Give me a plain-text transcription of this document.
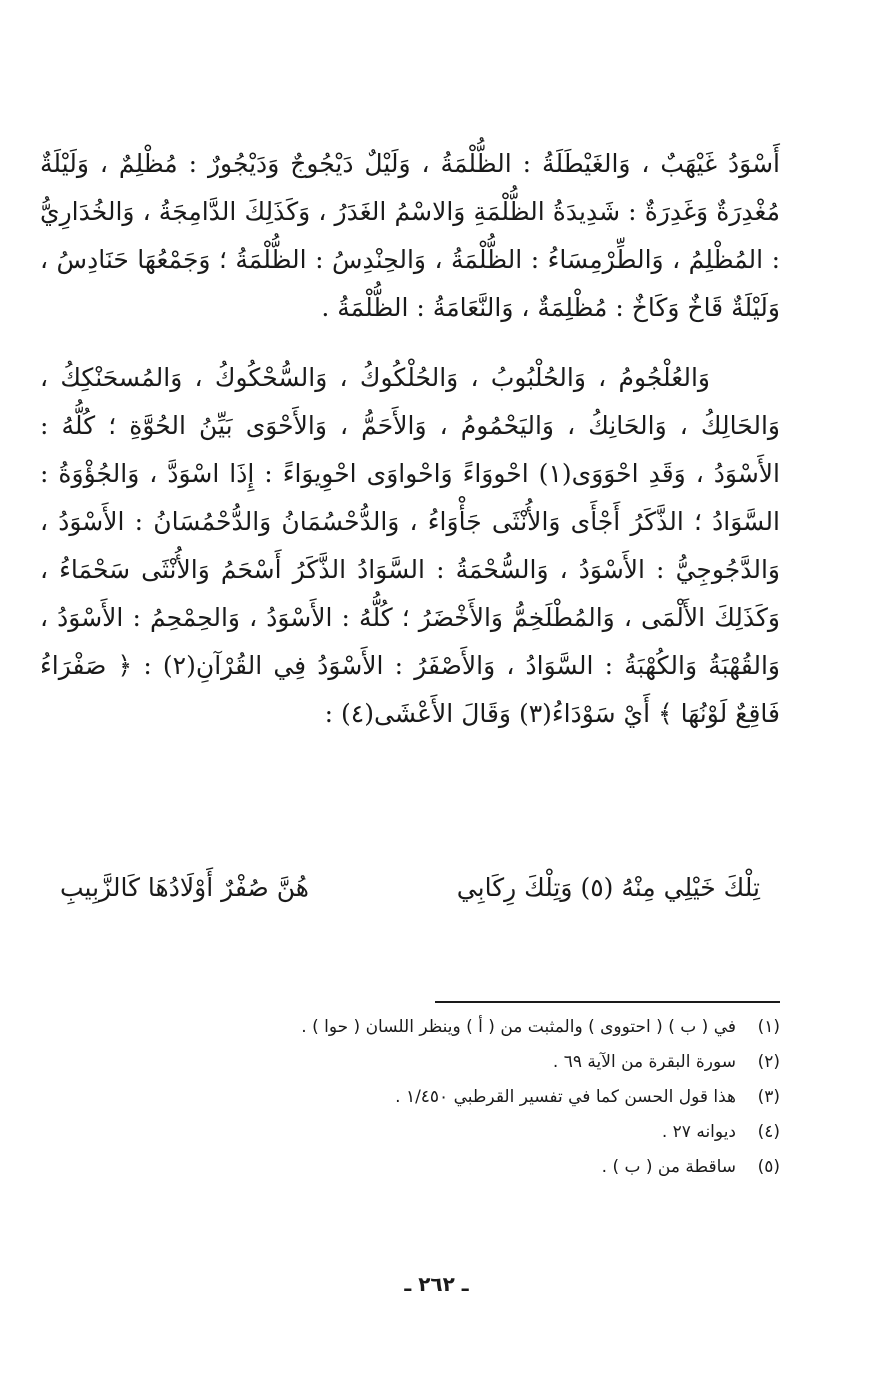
أَسْوَدُ غَيْهَبٌ ، وَالغَيْطَلَةُ : الظُّلْمَةُ ، وَلَيْلٌ دَيْجُوجٌ وَدَيْجُورٌ : مُظْلِمٌ ، وَلَيْلَةٌ مُغْدِرَةٌ وَغَدِرَةٌ : شَدِيدَةُ الظُّلْمَةِ وَالاسْمُ الغَدَرُ ، وَكَذَلِكَ الدَّامِجَةُ ، وَالخُدَارِيُّ : المُظْلِمُ ، وَالطِّرْمِسَاءُ : الظُّلْمَةُ ، وَالحِنْدِسُ : الظُّلْمَةُ ؛ وَجَمْعُهَا حَنَادِسُ ، وَلَيْلَةٌ قَاخٌ وَكَاخٌ : مُظْلِمَةٌ ، وَالنَّعَامَةُ : الظُّلْمَةُ .

وَالعُلْجُومُ ، وَالحُلْبُوبُ ، وَالحُلْكُوكُ ، وَالسُّحْكُوكُ ، وَالمُسحَنْكِكُ ، وَالحَالِكُ ، وَالحَانِكُ ، وَاليَحْمُومُ ، وَالأَحَمُّ ، وَالأَحْوَى بَيِّنُ الحُوَّةِ ؛ كُلُّهُ : الأَسْوَدُ ، وَقَدِ احْوَوَى(١) احْووَاءً وَاحْواوَى احْوِيوَاءً : إِذَا اسْوَدَّ ، وَالجُؤْوَةُ : السَّوَادُ ؛ الذَّكَرُ أَجْأَى وَالأُنْثَى جَأْوَاءُ ، وَالدُّحْسُمَانُ وَالدُّحْمُسَانُ : الأَسْوَدُ ، وَالدَّجُوجِيُّ : الأَسْوَدُ ، وَالسُّحْمَةُ : السَّوَادُ الذَّكَرُ أَسْحَمُ وَالأُنْثَى سَحْمَاءُ ، وَكَذَلِكَ الأَلْمَى ، وَالمُطْلَخِمُّ وَالأَخْضَرُ ؛ كُلُّهُ : الأَسْوَدُ ، وَالحِمْحِمُ : الأَسْوَدُ ، وَالقُهْبَةُ وَالكُهْبَةُ : السَّوَادُ ، وَالأَصْفَرُ : الأَسْوَدُ فِي القُرْآنِ(٢) : ﴿ صَفْرَاءُ فَاقِعٌ لَوْنُهَا ﴾ أَيْ سَوْدَاءُ(٣) وَقَالَ الأَعْشَى(٤) :

تِلْكَ خَيْلِي مِنْهُ (٥) وَتِلْكَ رِكَابِي
هُنَّ صُفْرٌ أَوْلَادُهَا كَالزَّبِيبِ
(١)في ( ب ) ( احتووى ) والمثبت من ( أ ) وينظر اللسان ( حوا ) .
(٢)سورة البقرة من الآية ٦٩ .
(٣)هذا قول الحسن كما في تفسير القرطبي ١/٤٥٠ .
(٤)ديوانه ٢٧ .
(٥)ساقطة من ( ب ) .
ـ ٢٦٢ ـ
